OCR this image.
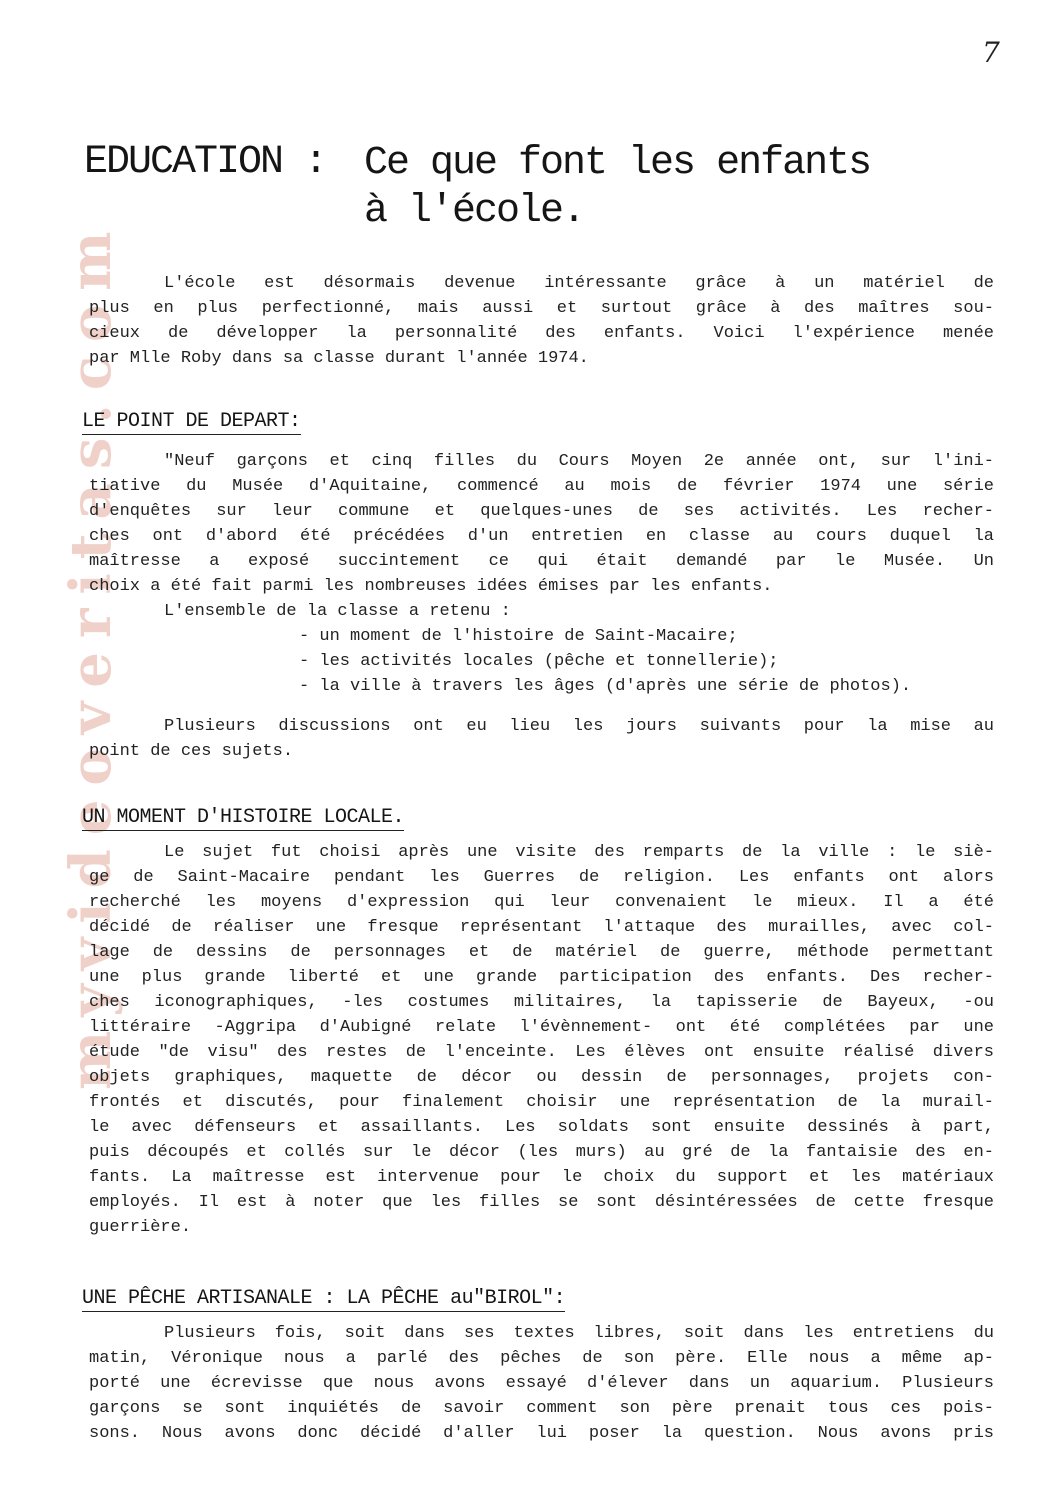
myvideoveritas.com
7
EDUCATION : Ce que font les enfants
à l'école.
L'école est désormais devenue intéressante grâce à un matériel de
plus en plus perfectionné, mais aussi et surtout grâce à des maîtres sou-
cieux de développer la personnalité des enfants. Voici l'expérience menée
par Mlle Roby dans sa classe durant l'année 1974.
LE POINT DE DEPART:
"Neuf garçons et cinq filles du Cours Moyen 2e année ont, sur l'ini-
tiative du Musée d'Aquitaine, commencé au mois de février 1974 une série
d'enquêtes sur leur commune et quelques-unes de ses activités. Les recher-
ches ont d'abord été précédées d'un entretien en classe au cours duquel la
maîtresse a exposé succintement ce qui était demandé par le Musée. Un
choix a été fait parmi les nombreuses idées émises par les enfants.
L'ensemble de la classe a retenu :
- un moment de l'histoire de Saint-Macaire;
- les activités locales (pêche et tonnellerie);
- la ville à travers les âges (d'après une série de photos).
Plusieurs discussions ont eu lieu les jours suivants pour la mise au
point de ces sujets.
UN MOMENT D'HISTOIRE LOCALE.
Le sujet fut choisi après une visite des remparts de la ville : le siè-
ge de Saint-Macaire pendant les Guerres de religion. Les enfants ont alors
recherché les moyens d'expression qui leur convenaient le mieux. Il a été
décidé de réaliser une fresque représentant l'attaque des murailles, avec col-
lage de dessins de personnages et de matériel de guerre, méthode permettant
une plus grande liberté et une grande participation des enfants. Des recher-
ches iconographiques, -les costumes militaires, la tapisserie de Bayeux, -ou
littéraire -Aggripa d'Aubigné relate l'évènnement- ont été complétées par une
étude "de visu" des restes de l'enceinte. Les élèves ont ensuite réalisé divers
objets graphiques, maquette de décor ou dessin de personnages, projets con-
frontés et discutés, pour finalement choisir une représentation de la murail-
le avec défenseurs et assaillants. Les soldats sont ensuite dessinés à part,
puis découpés et collés sur le décor (les murs) au gré de la fantaisie des en-
fants. La maîtresse est intervenue pour le choix du support et les matériaux
employés. Il est à noter que les filles se sont désintéressées de cette fresque
guerrière.
UNE PÊCHE ARTISANALE : LA PÊCHE au"BIROL":
Plusieurs fois, soit dans ses textes libres, soit dans les entretiens du
matin, Véronique nous a parlé des pêches de son père. Elle nous a même ap-
porté une écrevisse que nous avons essayé d'élever dans un aquarium. Plusieurs
garçons se sont inquiétés de savoir comment son père prenait tous ces pois-
sons. Nous avons donc décidé d'aller lui poser la question. Nous avons pris
